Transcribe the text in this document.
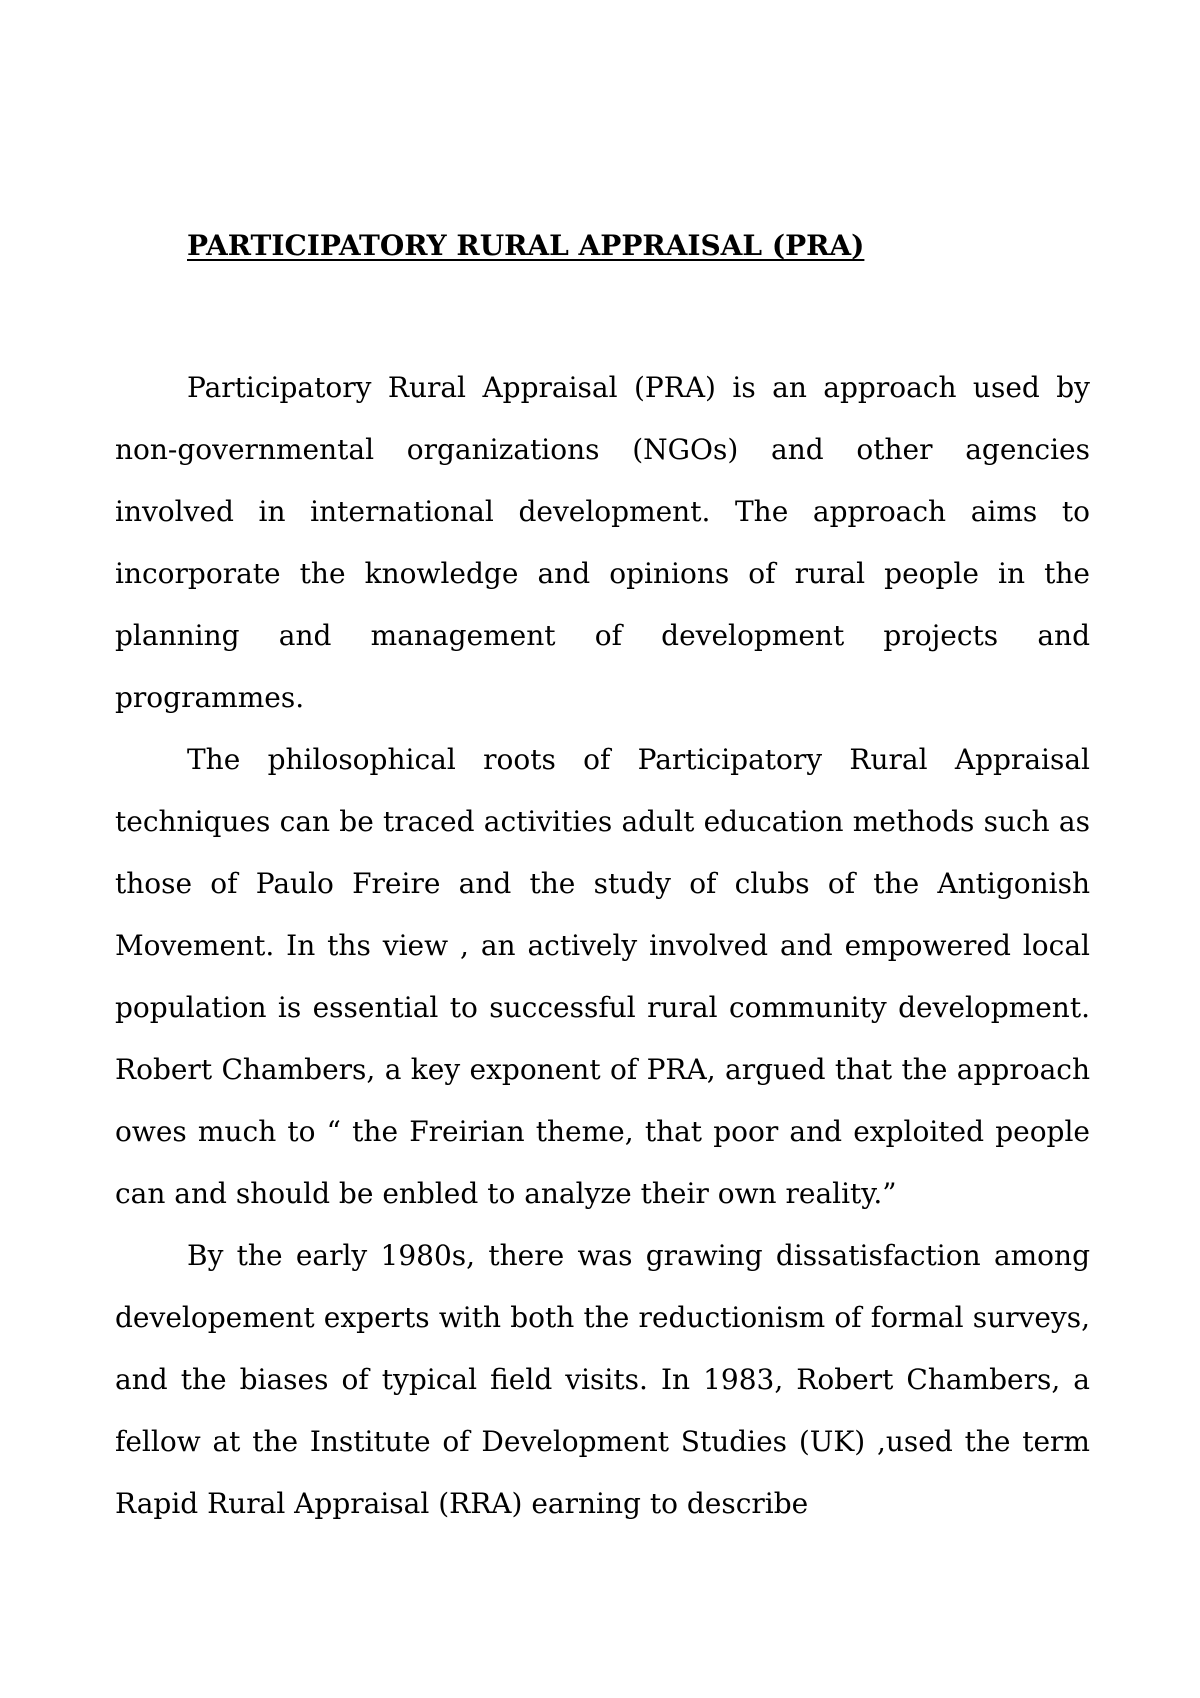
PARTICIPATORY RURAL APPRAISAL (PRA)

Participatory Rural Appraisal (PRA) is an approach used by non-governmental organizations (NGOs) and other agencies involved in international development. The approach aims to incorporate the knowledge and opinions of rural people in the planning and management of development projects and programmes.

The philosophical roots of Participatory Rural Appraisal techniques can be traced activities adult education methods such as those of Paulo Freire and the study of clubs of the Antigonish Movement. In ths view , an actively involved and empowered local population is essential to successful rural community development. Robert Chambers, a key exponent of PRA, argued that the approach owes much to “ the Freirian theme, that poor and exploited people can and should be enbled to analyze their own reality.”

By the early 1980s, there was grawing dissatisfaction among developement experts with both the reductionism of formal surveys, and the biases of typical field visits. In 1983, Robert Chambers, a fellow at the Institute of Development Studies (UK) ,used the term Rapid Rural Appraisal (RRA) earning to describe
